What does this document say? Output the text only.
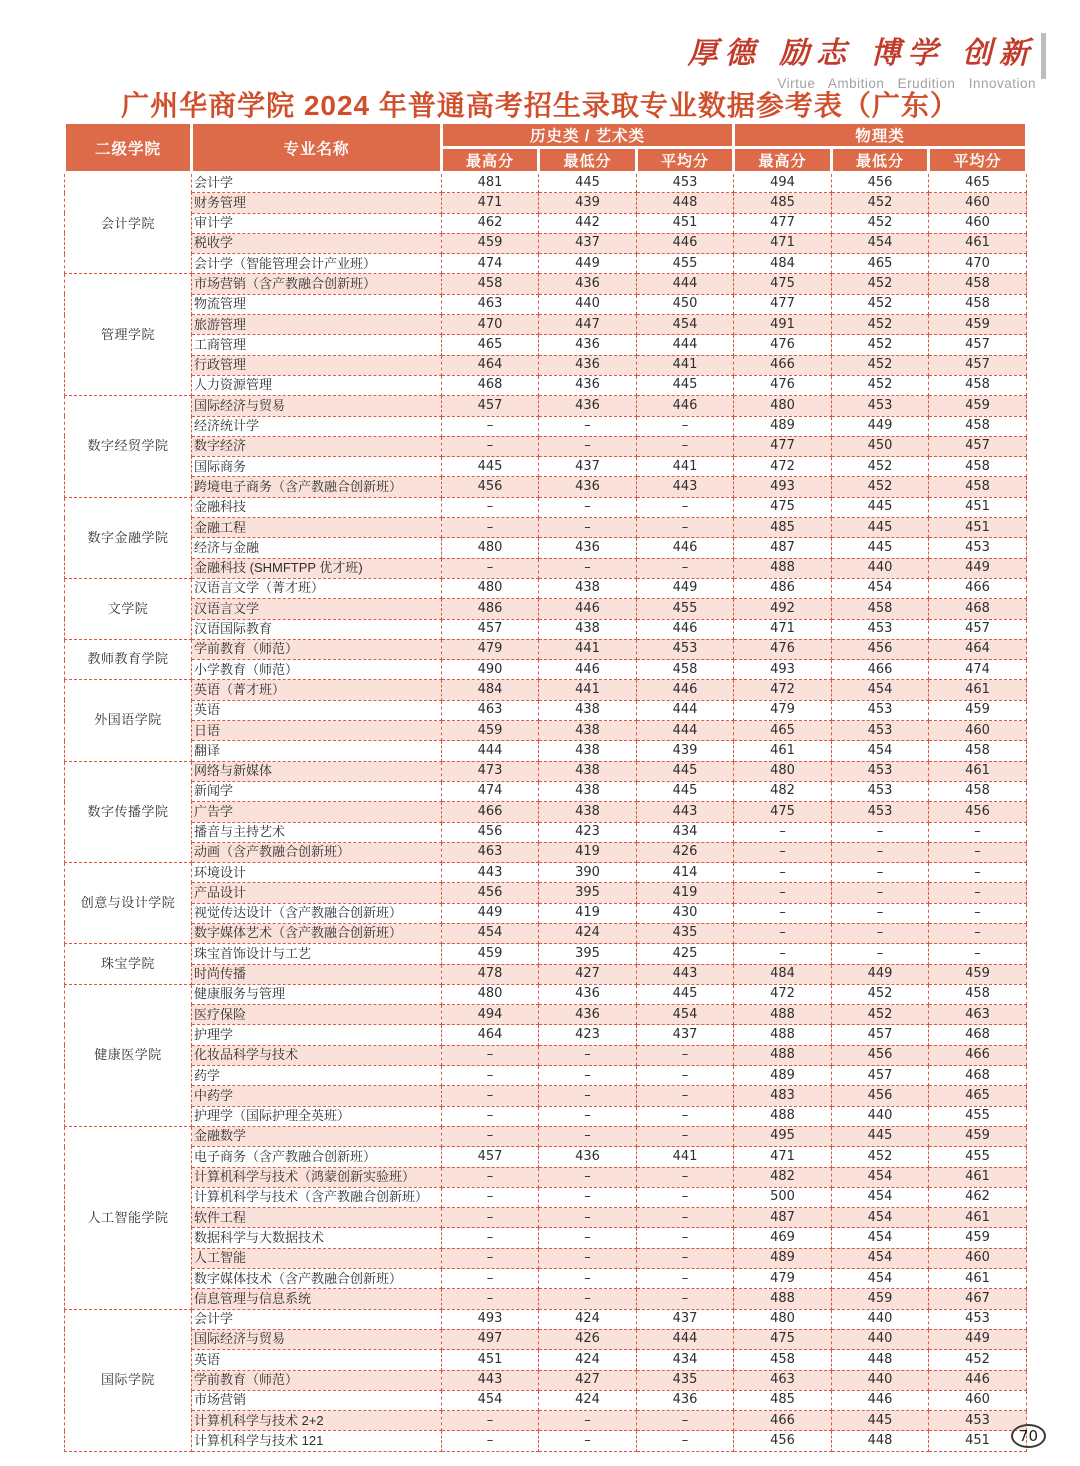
厚德 励志 博学 创新
Virtue Ambition Erudition Innovation
广州华商学院 2024 年普通高考招生录取专业数据参考表（广东）
二级学院	专业名称	历史类 / 艺术类			物理类		
		最高分	最低分	平均分	最高分	最低分	平均分
会计学院	会计学	481	445	453	494	456	465
	财务管理	471	439	448	485	452	460
	审计学	462	442	451	477	452	460
	税收学	459	437	446	471	454	461
	会计学（智能管理会计产业班）	474	449	455	484	465	470
管理学院	市场营销（含产教融合创新班）	458	436	444	475	452	458
	物流管理	463	440	450	477	452	458
	旅游管理	470	447	454	491	452	459
	工商管理	465	436	444	476	452	457
	行政管理	464	436	441	466	452	457
	人力资源管理	468	436	445	476	452	458
数字经贸学院	国际经济与贸易	457	436	446	480	453	459
	经济统计学	–	–	–	489	449	458
	数字经济	–	–	–	477	450	457
	国际商务	445	437	441	472	452	458
	跨境电子商务（含产教融合创新班）	456	436	443	493	452	458
数字金融学院	金融科技	–	–	–	475	445	451
	金融工程	–	–	–	485	445	451
	经济与金融	480	436	446	487	445	453
	金融科技 (SHMFTPP 优才班)	–	–	–	488	440	449
文学院	汉语言文学（菁才班）	480	438	449	486	454	466
	汉语言文学	486	446	455	492	458	468
	汉语国际教育	457	438	446	471	453	457
教师教育学院	学前教育（师范）	479	441	453	476	456	464
	小学教育（师范）	490	446	458	493	466	474
外国语学院	英语（菁才班）	484	441	446	472	454	461
	英语	463	438	444	479	453	459
	日语	459	438	444	465	453	460
	翻译	444	438	439	461	454	458
数字传播学院	网络与新媒体	473	438	445	480	453	461
	新闻学	474	438	445	482	453	458
	广告学	466	438	443	475	453	456
	播音与主持艺术	456	423	434	–	–	–
	动画（含产教融合创新班）	463	419	426	–	–	–
创意与设计学院	环境设计	443	390	414	–	–	–
	产品设计	456	395	419	–	–	–
	视觉传达设计（含产教融合创新班）	449	419	430	–	–	–
	数字媒体艺术（含产教融合创新班）	454	424	435	–	–	–
珠宝学院	珠宝首饰设计与工艺	459	395	425	–	–	–
	时尚传播	478	427	443	484	449	459
健康医学院	健康服务与管理	480	436	445	472	452	458
	医疗保险	494	436	454	488	452	463
	护理学	464	423	437	488	457	468
	化妆品科学与技术	–	–	–	488	456	466
	药学	–	–	–	489	457	468
	中药学	–	–	–	483	456	465
	护理学（国际护理全英班）	–	–	–	488	440	455
人工智能学院	金融数学	–	–	–	495	445	459
	电子商务（含产教融合创新班）	457	436	441	471	452	455
	计算机科学与技术（鸿蒙创新实验班）	–	–	–	482	454	461
	计算机科学与技术（含产教融合创新班）	–	–	–	500	454	462
	软件工程	–	–	–	487	454	461
	数据科学与大数据技术	–	–	–	469	454	459
	人工智能	–	–	–	489	454	460
	数字媒体技术（含产教融合创新班）	–	–	–	479	454	461
	信息管理与信息系统	–	–	–	488	459	467
国际学院	会计学	493	424	437	480	440	453
	国际经济与贸易	497	426	444	475	440	449
	英语	451	424	434	458	448	452
	学前教育（师范）	443	427	435	463	440	446
	市场营销	454	424	436	485	446	460
	计算机科学与技术 2+2	–	–	–	466	445	453
	计算机科学与技术 121	–	–	–	456	448	451	70
